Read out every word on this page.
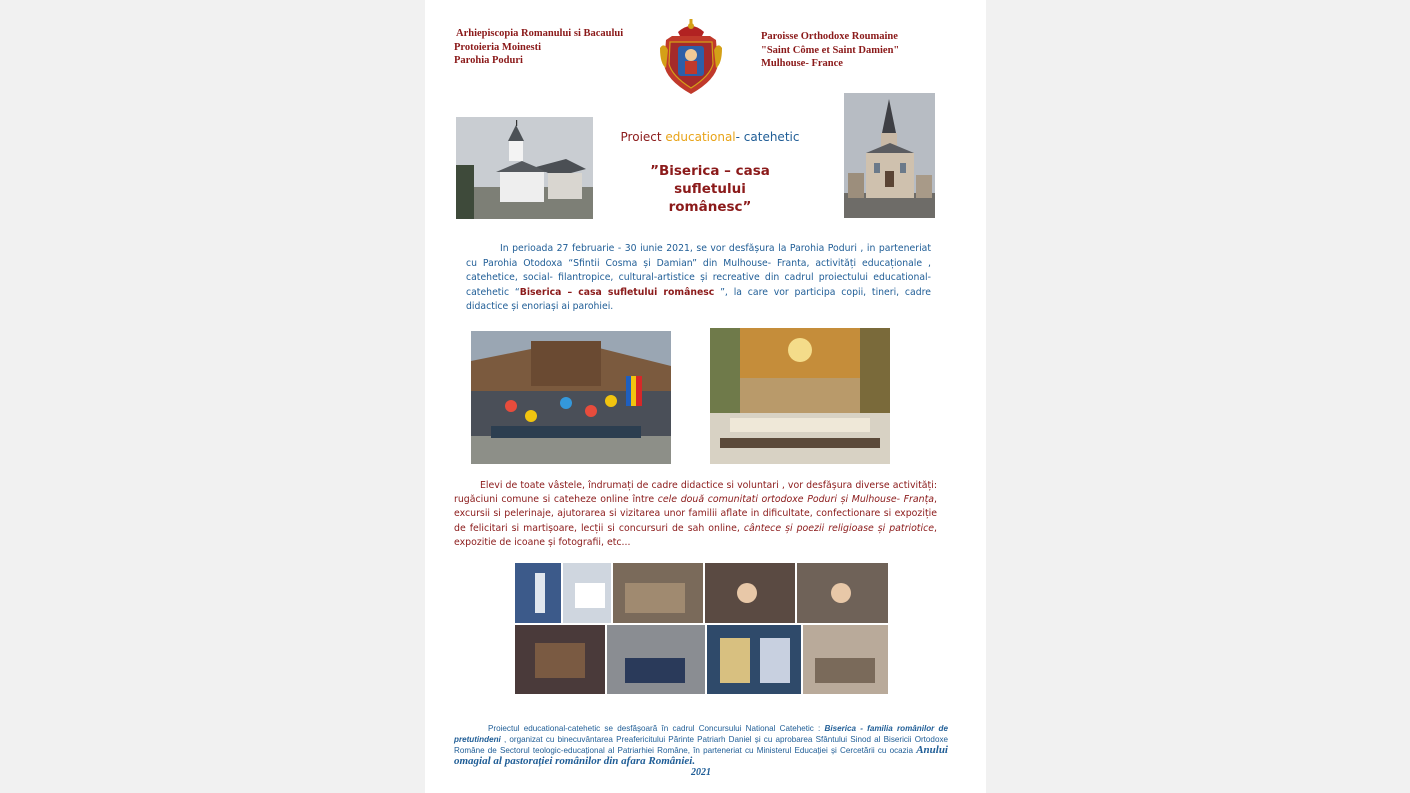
Arhiepiscopia Romanului si Bacaului
Protoieria Moinesti
Parohia Poduri
Paroisse Orthodoxe Roumaine
"Saint Côme et Saint Damien"
Mulhouse- France
Proiect educational- catehetic
”Biserica – casa sufletului
românesc”
In perioada 27 februarie - 30 iunie 2021, se vor desfășura la Parohia Poduri , in parteneriat cu Parohia Otodoxa “Sfintii Cosma și Damian” din Mulhouse- Franta, activități educaționale , catehetice, social- filantropice, cultural-artistice și recreative din cadrul proiectului educational-catehetic “Biserica – casa sufletului românesc ”, la care vor participa copii, tineri, cadre didactice și enoriași ai parohiei.
Elevi de toate vâstele, îndrumați de cadre didactice si voluntari , vor desfășura diverse activități: rugăciuni comune si cateheze online între cele două comunitati ortodoxe Poduri și Mulhouse- Franța, excursii si pelerinaje, ajutorarea si vizitarea unor familii aflate in dificultate, confectionare si expoziție de felicitari si martișoare, lecții si concursuri de sah online, cântece și poezii religioase și patriotice, expozitie de icoane și fotografii, etc...
Proiectul educational-catehetic se desfășoară în cadrul Concursului National Catehetic : Biserica - familia românilor de pretutindeni , organizat cu binecuvântarea Preafericitului Părinte Patriarh Daniel și cu aprobarea Sfântului Sinod al Bisericii Ortodoxe Române de Sectorul teologic-educațional al Patriarhiei Române, în parteneriat cu Ministerul Educației și Cercetării cu ocazia Anului omagial al pastorației românilor din afara României.
2021
